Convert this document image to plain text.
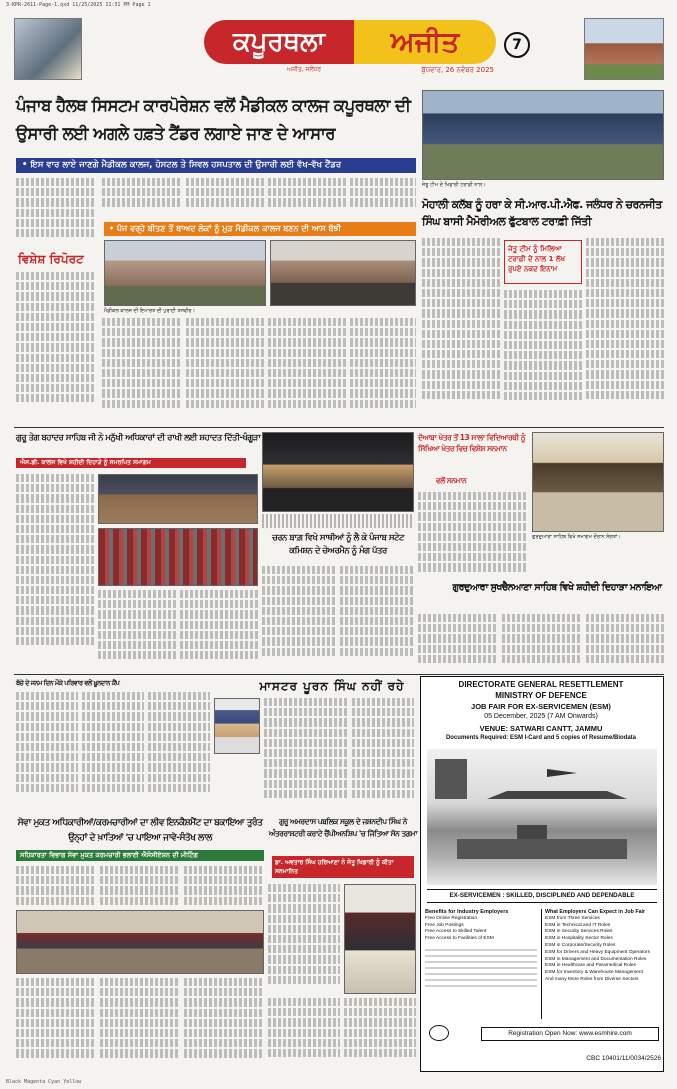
3-KPR-2611-Page-1.qxd 11/25/2025 11:31 PM Page 1
ਕਪੂਰਥਲਾ	ਅਜੀਤ
ਅਜੀਤ, ਜਲੰਧਰ	ਬੁੱਧਵਾਰ, 26 ਨਵੰਬਰ 2025
7
ਪੰਜਾਬ ਹੈਲਥ ਸਿਸਟਮ ਕਾਰਪੋਰੇਸ਼ਨ ਵਲੋਂ ਮੈਡੀਕਲ ਕਾਲਜ ਕਪੂਰਥਲਾ ਦੀ ਉਸਾਰੀ ਲਈ ਅਗਲੇ ਹਫ਼ਤੇ ਟੈਂਡਰ ਲਗਾਏ ਜਾਣ ਦੇ ਆਸਾਰ
• ਇਸ ਵਾਰ ਲਾਏ ਜਾਣਗੇ ਮੈਡੀਕਲ ਕਾਲਜ, ਹੋਸਟਲ ਤੇ ਸਿਵਲ ਹਸਪਤਾਲ ਦੀ ਉਸਾਰੀ ਲਈ ਵੱਖ-ਵੱਖ ਟੈਂਡਰ
ਵਿਸ਼ੇਸ਼ ਰਿਪੋਰਟ
• ਪੰਜ ਵਰ੍ਹੇ ਬੀਤਣ ਤੋਂ ਬਾਅਦ ਲੋਕਾਂ ਨੂੰ ਮੁੜ ਮੈਡੀਕਲ ਕਾਲਜ ਬਣਨ ਦੀ ਆਸ ਬੱਝੀ
ਮੈਡੀਕਲ ਕਾਲਜ ਦੀ ਇਮਾਰਤ ਦੀ ਪੁਰਾਣੀ ਤਸਵੀਰ।
ਜੇਤੂ ਟੀਮ ਦੇ ਖਿਡਾਰੀ ਟਰਾਫ਼ੀ ਨਾਲ।
ਮੋਹਾਲੀ ਕਲੱਬ ਨੂੰ ਹਰਾ ਕੇ ਸੀ.ਆਰ.ਪੀ.ਐਫ. ਜਲੰਧਰ ਨੇ ਚਰਨਜੀਤ ਸਿੰਘ ਬਾਸੀ ਮੈਮੋਰੀਅਲ ਫੁੱਟਬਾਲ ਟਰਾਫ਼ੀ ਜਿੱਤੀ
ਜੇਤੂ ਟੀਮ ਨੂੰ ਮਿਲਿਆ ਟਰਾਫ਼ੀ ਦੇ ਨਾਲ 1 ਲੱਖ ਰੁਪਏ ਨਕਦ ਇਨਾਮ
ਗੁਰੂ ਤੇਗ ਬਹਾਦਰ ਸਾਹਿਬ ਜੀ ਨੇ ਮਨੁੱਖੀ ਅਧਿਕਾਰਾਂ ਦੀ ਰਾਖੀ ਲਈ ਸ਼ਹਾਦਤ ਦਿੱਤੀ-ਖੰਗੂੜਾ
ਐਸ.ਡੀ. ਕਾਲਜ ਵਿਖੇ ਸ਼ਹੀਦੀ ਦਿਹਾੜੇ ਨੂੰ ਸਮਰਪਿਤ ਸਮਾਗਮ
ਚਰਨ ਬਾਗ਼ ਵਿਖੇ ਸਾਥੀਆਂ ਨੂੰ ਲੈ ਕੇ ਪੰਜਾਬ ਸਟੇਟ ਕਮਿਸ਼ਨ ਦੇ ਚੇਅਰਮੈਨ ਨੂੰ ਮੰਗ ਪੱਤਰ
ਦੋਆਬਾ ਖੇਤਰ ਤੋਂ 13 ਸਾਲਾ ਵਿਦਿਆਰਥੀ ਨੂੰ ਸਿੱਖਿਆ ਖੇਤਰ ਵਿਚ ਵਿਸ਼ੇਸ਼ ਸਨਮਾਨ
ਵਲੋਂ ਸਨਮਾਨ
ਗੁਰਦੁਆਰਾ ਸਾਹਿਬ ਵਿਖੇ ਸਮਾਗਮ ਦੌਰਾਨ ਸੰਗਤਾਂ।
ਗੁਰਦੁਆਰਾ ਸੁਖਚੈਨਆਣਾ ਸਾਹਿਬ ਵਿਖੇ ਸ਼ਹੀਦੀ ਦਿਹਾੜਾ ਮਨਾਇਆ
ਬੱਚੇ ਦੇ ਜਨਮ ਦਿਨ ਮੌਕੇ ਪਰਿਵਾਰ ਵਲੋਂ ਖ਼ੂਨਦਾਨ ਕੈਂਪ	ਮਾਸਟਰ ਪੂਰਨ ਸਿੰਘ ਨਹੀਂ ਰਹੇ
ਸੇਵਾ ਮੁਕਤ ਅਧਿਕਾਰੀਆਂ/ਕਰਮਚਾਰੀਆਂ ਦਾ ਲੀਵ ਇਨਕੈਸ਼ਮੈਂਟ ਦਾ ਬਕਾਇਆ ਤੁਰੰਤ ਉਨ੍ਹਾਂ ਦੇ ਖ਼ਾਤਿਆਂ 'ਚ ਪਾਇਆ ਜਾਵੇ-ਸੰਤੋਖ ਲਾਲ
ਸਹਿਕਾਰਤਾ ਵਿਭਾਗ ਸੇਵਾ ਮੁਕਤ ਕਰਮਚਾਰੀ ਭਲਾਈ ਐਸੋਸੀਏਸ਼ਨ ਦੀ ਮੀਟਿੰਗ
ਗੁਰੂ ਅਮਰਦਾਸ ਪਬਲਿਕ ਸਕੂਲ ਦੇ ਜਸ਼ਨਦੀਪ ਸਿੰਘ ਨੇ ਅੰਤਰਰਾਸ਼ਟਰੀ ਕਰਾਟੇ ਚੈਂਪੀਅਨਸ਼ਿਪ 'ਚ ਜਿੱਤਿਆ ਸੋਨ ਤਗਮਾ
ਡਾ. ਅਵਤਾਰ ਸਿੰਘ ਹਰਿਆਣਾ ਨੇ ਜੇਤੂ ਖਿਡਾਰੀ ਨੂੰ ਕੀਤਾ ਸਨਮਾਨਿਤ
DIRECTORATE GENERAL RESETTLEMENT
MINISTRY OF DEFENCE
JOB FAIR FOR EX-SERVICEMEN (ESM)
05 December, 2025 (7 AM Onwards)
VENUE: SATWARI CANTT, JAMMU
Documents Required: ESM I-Card and 5 copies of Resume/Biodata
EX-SERVICEMEN : SKILLED, DISCIPLINED AND DEPENDABLE
Benefits for Industry Employers
Free Online Registration
Free Job Postings
Free Access to Skilled Talent
Free Access to Facilities of ESM
What Employers Can Expect in Job Fair
ESM from Three Services
ESM in Technical and IT Roles
ESM in Security Services Roles
ESM in Hospitality Sector Roles
ESM in Corporate/Security Roles
ESM for Drivers and Heavy Equipment Operators
ESM in Management and Documentation Roles
ESM in Healthcare and Paramedical Roles
ESM for Inventory & Warehouse Management
And many More Roles from Diverse Sectors
Registration Open Now: www.esmhire.com
CBC 10401/11/0034/2526
Black Magenta Cyan Yellow
